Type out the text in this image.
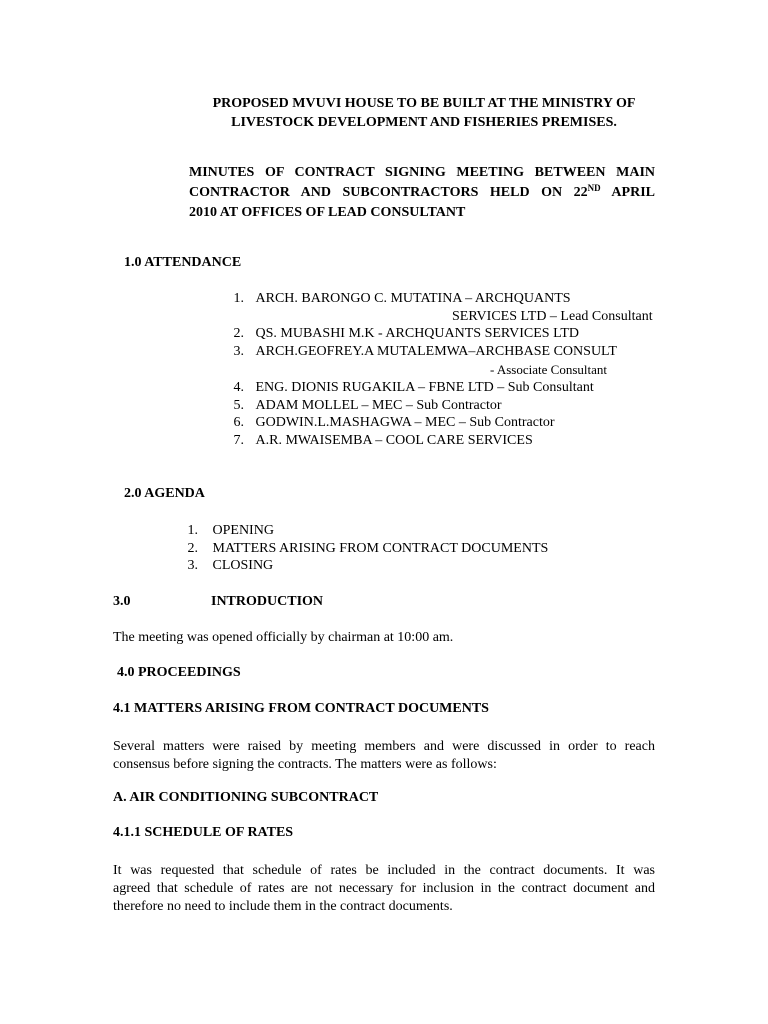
PROPOSED MVUVI HOUSE TO BE BUILT AT THE MINISTRY OF
LIVESTOCK DEVELOPMENT AND FISHERIES PREMISES.
MINUTES OF CONTRACT SIGNING MEETING BETWEEN MAIN
CONTRACTOR AND SUBCONTRACTORS HELD ON 22ND APRIL
2010 AT OFFICES OF LEAD CONSULTANT
1.0 ATTENDANCE
1. ARCH. BARONGO C. MUTATINA – ARCHQUANTS
SERVICES LTD – Lead Consultant
2. QS. MUBASHI M.K - ARCHQUANTS SERVICES LTD
3. ARCH.GEOFREY.A MUTALEMWA–ARCHBASE CONSULT
- Associate Consultant
4. ENG. DIONIS RUGAKILA – FBNE LTD – Sub Consultant
5. ADAM MOLLEL – MEC – Sub Contractor
6. GODWIN.L.MASHAGWA – MEC – Sub Contractor
7. A.R. MWAISEMBA – COOL CARE SERVICES
2.0 AGENDA
1. OPENING
2. MATTERS ARISING FROM CONTRACT DOCUMENTS
3. CLOSING
3.0	INTRODUCTION
The meeting was opened officially by chairman at 10:00 am.
4.0 PROCEEDINGS
4.1 MATTERS ARISING FROM CONTRACT DOCUMENTS
Several matters were raised by meeting members and were discussed in order to reach
consensus before signing the contracts. The matters were as follows:
A. AIR CONDITIONING SUBCONTRACT
4.1.1 SCHEDULE OF RATES
It was requested that schedule of rates be included in the contract documents. It was
agreed that schedule of rates are not necessary for inclusion in the contract document and
therefore no need to include them in the contract documents.
